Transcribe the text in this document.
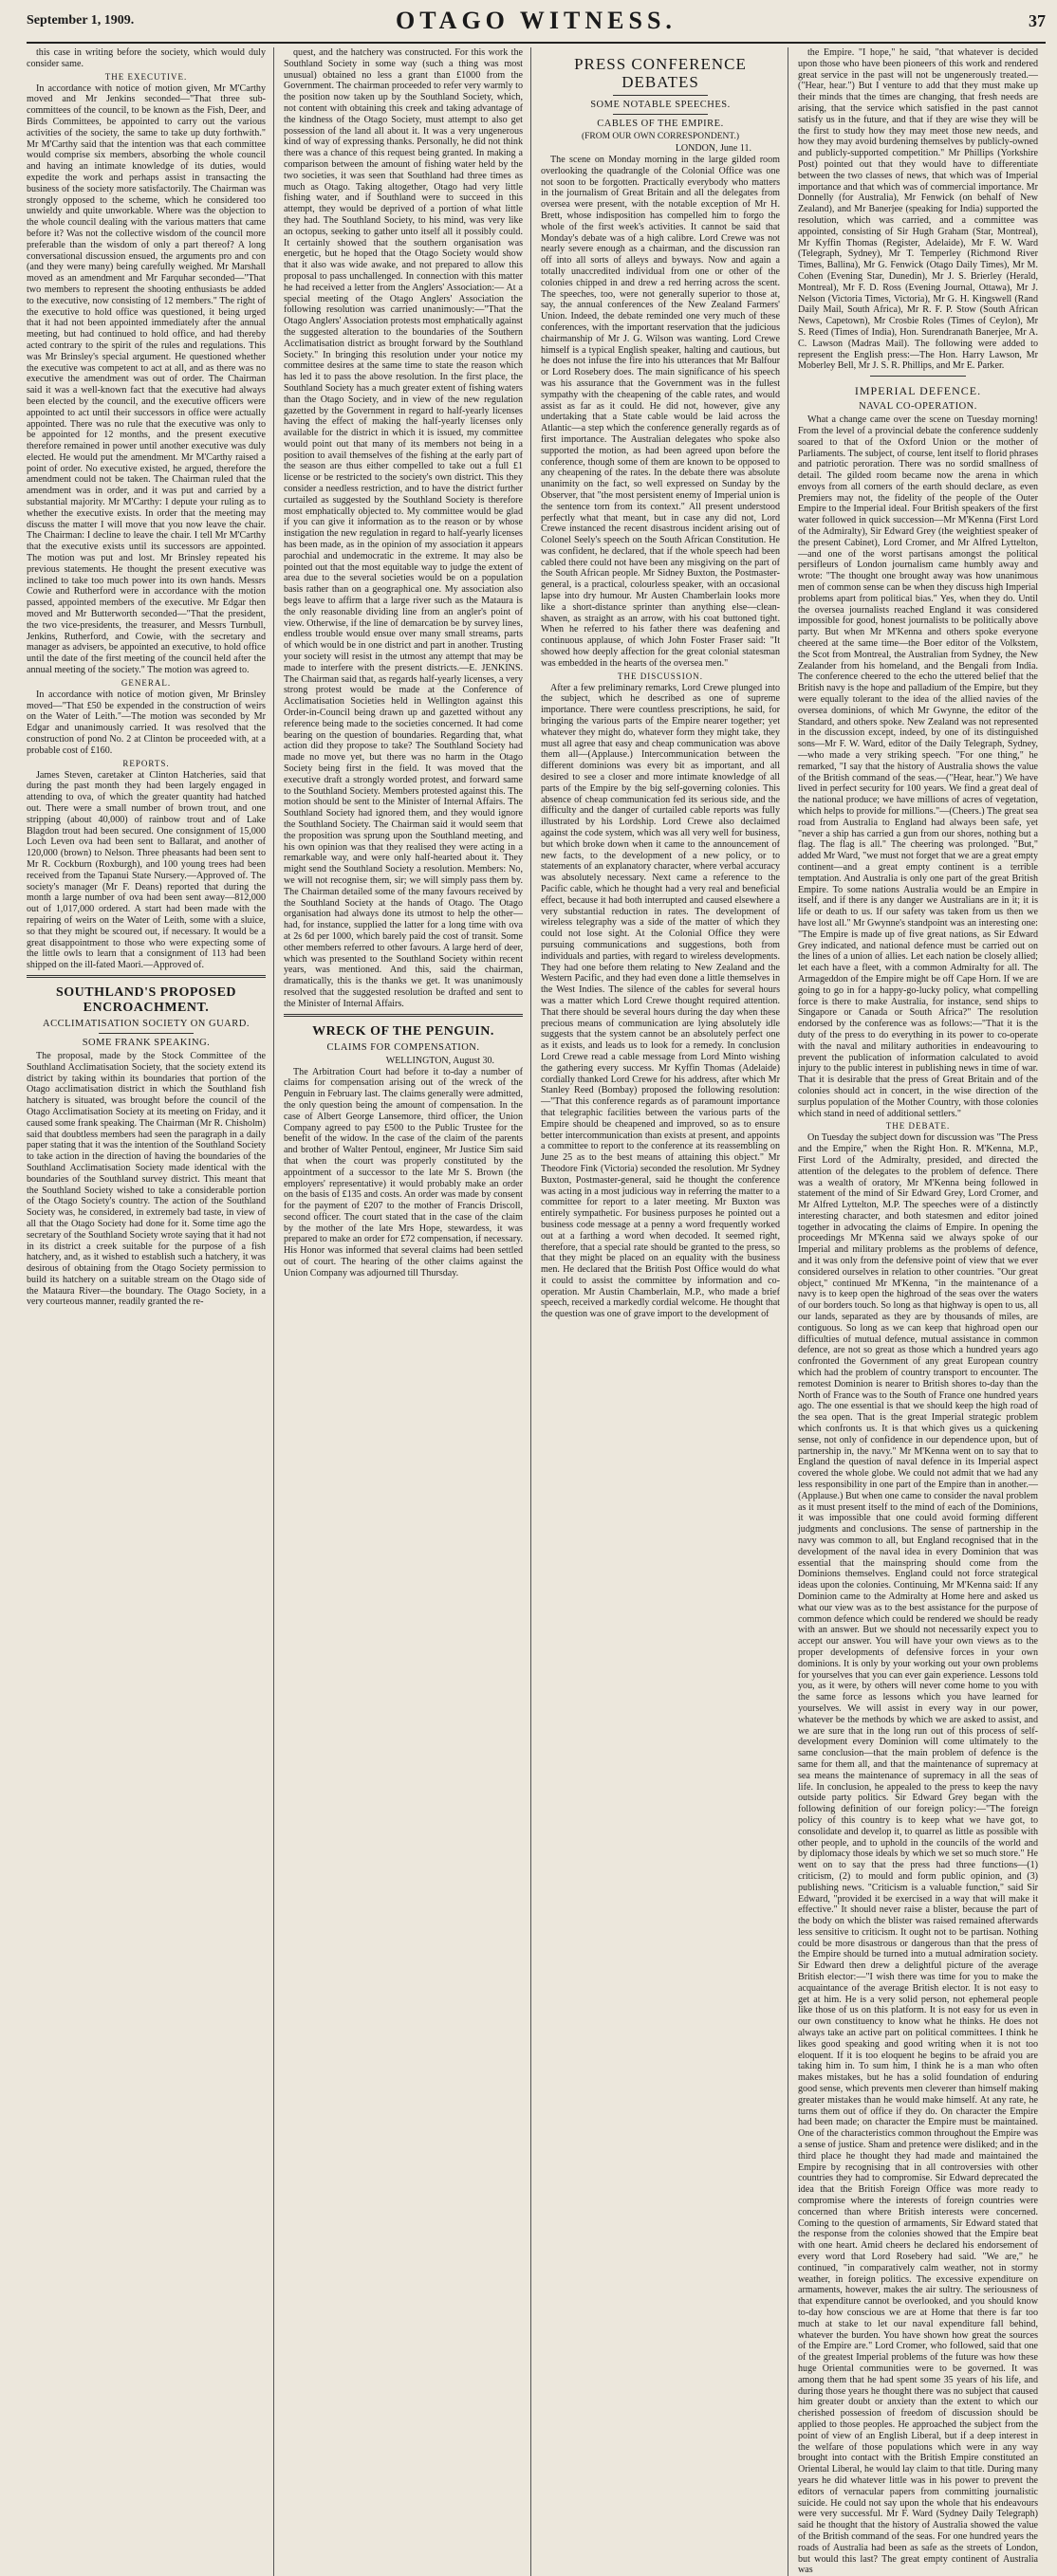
September 1, 1909.	OTAGO WITNESS.	37

this case in writing before the society, which would duly consider same.

THE EXECUTIVE.

In accordance with notice of motion given, Mr M'Carthy moved and Mr Jenkins seconded—"That three sub-committees of the council, to be known as the Fish, Deer, and Birds Committees, be appointed to carry out the various activities of the society, the same to take up duty forthwith." Mr M'Carthy said that the intention was that each committee would comprise six members, absorbing the whole council and having an intimate knowledge of its duties, would expedite the work and perhaps assist in transacting the business of the society more satisfactorily. The Chairman was strongly opposed to the scheme, which he considered too unwieldy and quite unworkable. Where was the objection to the whole council dealing with the various matters that came before it? Was not the collective wisdom of the council more preferable than the wisdom of only a part thereof? A long conversational discussion ensued, the arguments pro and con (and they were many) being carefully weighed. Mr Marshall moved as an amendment and Mr Farquhar seconded—"That two members to represent the shooting enthusiasts be added to the executive, now consisting of 12 members." The right of the executive to hold office was questioned, it being urged that it had not been appointed immediately after the annual meeting, but had continued to hold office, and had thereby acted contrary to the spirit of the rules and regulations. This was Mr Brinsley's special argument. He questioned whether the executive was competent to act at all, and as there was no executive the amendment was out of order. The Chairman said it was a well-known fact that the executive had always been elected by the council, and the executive officers were appointed to act until their successors in office were actually appointed. There was no rule that the executive was only to be appointed for 12 months, and the present executive therefore remained in power until another executive was duly elected. He would put the amendment. Mr M'Carthy raised a point of order. No executive existed, he argued, therefore the amendment could not be taken. The Chairman ruled that the amendment was in order, and it was put and carried by a substantial majority. Mr M'Carthy: I depute your ruling as to whether the executive exists. In order that the meeting may discuss the matter I will move that you now leave the chair. The Chairman: I decline to leave the chair. I tell Mr M'Carthy that the executive exists until its successors are appointed. The motion was put and lost. Mr Brinsley repeated his previous statements. He thought the present executive was inclined to take too much power into its own hands. Messrs Cowie and Rutherford were in accordance with the motion passed, appointed members of the executive. Mr Edgar then moved and Mr Butterworth seconded—"That the president, the two vice-presidents, the treasurer, and Messrs Turnbull, Jenkins, Rutherford, and Cowie, with the secretary and manager as advisers, be appointed an executive, to hold office until the date of the first meeting of the council held after the annual meeting of the society." The motion was agreed to.

GENERAL.

In accordance with notice of motion given, Mr Brinsley moved—"That £50 be expended in the construction of weirs on the Water of Leith."—The motion was seconded by Mr Edgar and unanimously carried. It was resolved that the construction of pond No. 2 at Clinton be proceeded with, at a probable cost of £160.

REPORTS.

James Steven, caretaker at Clinton Hatcheries, said that during the past month they had been largely engaged in attending to ova, of which the greater quantity had hatched out. There were a small number of brown trout, and one stripping (about 40,000) of rainbow trout and of Lake Blagdon trout had been secured. One consignment of 15,000 Loch Leven ova had been sent to Ballarat, and another of 120,000 (brown) to Nelson. Three pheasants had been sent to Mr R. Cockburn (Roxburgh), and 100 young trees had been received from the Tapanui State Nursery.—Approved of. The society's manager (Mr F. Deans) reported that during the month a large number of ova had been sent away—812,000 out of 1,017,000 ordered. A start had been made with the repairing of weirs on the Water of Leith, some with a sluice, so that they might be scoured out, if necessary. It would be a great disappointment to those who were expecting some of the little owls to learn that a consignment of 113 had been shipped on the ill-fated Maori.—Approved of.

SOUTHLAND'S PROPOSED ENCROACHMENT.
ACCLIMATISATION SOCIETY ON GUARD.
SOME FRANK SPEAKING.

The proposal, made by the Stock Committee of the Southland Acclimatisation Society, that the society extend its district by taking within its boundaries that portion of the Otago acclimatisation district in which the Southland fish hatchery is situated, was brought before the council of the Otago Acclimatisation Society at its meeting on Friday, and it caused some frank speaking. The Chairman (Mr R. Chisholm) said that doubtless members had seen the paragraph in a daily paper stating that it was the intention of the Southland Society to take action in the direction of having the boundaries of the Southland Acclimatisation Society made identical with the boundaries of the Southland survey district. This meant that the Southland Society wished to take a considerable portion of the Otago Society's country. The action of the Southland Society was, he considered, in extremely bad taste, in view of all that the Otago Society had done for it. Some time ago the secretary of the Southland Society wrote saying that it had not in its district a creek suitable for the purpose of a fish hatchery, and, as it wished to establish such a hatchery, it was desirous of obtaining from the Otago Society permission to build its hatchery on a suitable stream on the Otago side of the Mataura River—the boundary. The Otago Society, in a very courteous manner, readily granted the re-

quest, and the hatchery was constructed. For this work the Southland Society in some way (such a thing was most unusual) obtained no less a grant than £1000 from the Government. The chairman proceeded to refer very warmly to the position now taken up by the Southland Society, which, not content with obtaining this creek and taking advantage of the kindness of the Otago Society, must attempt to also get possession of the land all about it. It was a very ungenerous kind of way of expressing thanks. Personally, he did not think there was a chance of this request being granted. In making a comparison between the amount of fishing water held by the two societies, it was seen that Southland had three times as much as Otago. Taking altogether, Otago had very little fishing water, and if Southland were to succeed in this attempt, they would be deprived of a portion of what little they had. The Southland Society, to his mind, was very like an octopus, seeking to gather unto itself all it possibly could. It certainly showed that the southern organisation was energetic, but he hoped that the Otago Society would show that it also was wide awake, and not prepared to allow this proposal to pass unchallenged. In connection with this matter he had received a letter from the Anglers' Association:— At a special meeting of the Otago Anglers' Association the following resolution was carried unanimously:—"That the Otago Anglers' Association protests most emphatically against the suggested alteration to the boundaries of the Southern Acclimatisation district as brought forward by the Southland Society." In bringing this resolution under your notice my committee desires at the same time to state the reason which has led it to pass the above resolution. In the first place, the Southland Society has a much greater extent of fishing waters than the Otago Society, and in view of the new regulation gazetted by the Government in regard to half-yearly licenses having the effect of making the half-yearly licenses only available for the district in which it is issued, my committee would point out that many of its members not being in a position to avail themselves of the fishing at the early part of the season are thus either compelled to take out a full £1 license or be restricted to the society's own district. This they consider a needless restriction, and to have the district further curtailed as suggested by the Southland Society is therefore most emphatically objected to. My committee would be glad if you can give it information as to the reason or by whose instigation the new regulation in regard to half-yearly licenses has been made, as in the opinion of my association it appears parochial and undemocratic in the extreme. It may also be pointed out that the most equitable way to judge the extent of area due to the several societies would be on a population basis rather than on a geographical one. My association also begs leave to affirm that a large river such as the Mataura is the only reasonable dividing line from an angler's point of view. Otherwise, if the line of demarcation be by survey lines, endless trouble would ensue over many small streams, parts of which would be in one district and part in another. Trusting your society will resist in the utmost any attempt that may be made to interfere with the present districts.—E. JENKINS. The Chairman said that, as regards half-yearly licenses, a very strong protest would be made at the Conference of Acclimatisation Societies held in Wellington against this Order-in-Council being drawn up and gazetted without any reference being made to the societies concerned. It had come bearing on the question of boundaries. Regarding that, what action did they propose to take? The Southland Society had made no move yet, but there was no harm in the Otago Society being first in the field. It was moved that the executive draft a strongly worded protest, and forward same to the Southland Society. Members protested against this. The motion should be sent to the Minister of Internal Affairs. The Southland Society had ignored them, and they would ignore the Southland Society. The Chairman said it would seem that the proposition was sprung upon the Southland meeting, and his own opinion was that they realised they were acting in a remarkable way, and were only half-hearted about it. They might send the Southland Society a resolution. Members: No, we will not recognise them, sir; we will simply pass them by. The Chairman detailed some of the many favours received by the Southland Society at the hands of Otago. The Otago organisation had always done its utmost to help the other—had, for instance, supplied the latter for a long time with ova at 2s 6d per 1000, which barely paid the cost of transit. Some other members referred to other favours. A large herd of deer, which was presented to the Southland Society within recent years, was mentioned. And this, said the chairman, dramatically, this is the thanks we get. It was unanimously resolved that the suggested resolution be drafted and sent to the Minister of Internal Affairs.

WRECK OF THE PENGUIN.
CLAIMS FOR COMPENSATION.
WELLINGTON, August 30.

The Arbitration Court had before it to-day a number of claims for compensation arising out of the wreck of the Penguin in February last. The claims generally were admitted, the only question being the amount of compensation. In the case of Albert George Lansemore, third officer, the Union Company agreed to pay £500 to the Public Trustee for the benefit of the widow. In the case of the claim of the parents and brother of Walter Pentoul, engineer, Mr Justice Sim said that when the court was properly constituted by the appointment of a successor to the late Mr S. Brown (the employers' representative) it would probably make an order on the basis of £135 and costs. An order was made by consent for the payment of £207 to the mother of Francis Driscoll, second officer. The court stated that in the case of the claim by the mother of the late Mrs Hope, stewardess, it was prepared to make an order for £72 compensation, if necessary. His Honor was informed that several claims had been settled out of court. The hearing of the other claims against the Union Company was adjourned till Thursday.

PRESS CONFERENCE DEBATES
SOME NOTABLE SPEECHES.
CABLES OF THE EMPIRE.
(FROM OUR OWN CORRESPONDENT.)
LONDON, June 11.

The scene on Monday morning in the large gilded room overlooking the quadrangle of the Colonial Office was one not soon to be forgotten. Practically everybody who matters in the journalism of Great Britain and all the delegates from oversea were present, with the notable exception of Mr H. Brett, whose indisposition has compelled him to forgo the whole of the first week's activities. It cannot be said that Monday's debate was of a high calibre. Lord Crewe was not nearly severe enough as a chairman, and the discussion ran off into all sorts of alleys and byways. Now and again a totally unaccredited individual from one or other of the colonies chipped in and drew a red herring across the scent. The speeches, too, were not generally superior to those at, say, the annual conferences of the New Zealand Farmers' Union. Indeed, the debate reminded one very much of these conferences, with the important reservation that the judicious chairmanship of Mr J. G. Wilson was wanting. Lord Crewe himself is a typical English speaker, halting and cautious, but he does not infuse the fire into his utterances that Mr Balfour or Lord Rosebery does. The main significance of his speech was his assurance that the Government was in the fullest sympathy with the cheapening of the cable rates, and would assist as far as it could. He did not, however, give any undertaking that a State cable would be laid across the Atlantic—a step which the conference generally regards as of first importance. The Australian delegates who spoke also supported the motion, as had been agreed upon before the conference, though some of them are known to be opposed to any cheapening of the rates. In the debate there was absolute unanimity on the fact, so well expressed on Sunday by the Observer, that "the most persistent enemy of Imperial union is the sentence torn from its context." All present understood perfectly what that meant, but in case any did not, Lord Crewe instanced the recent disastrous incident arising out of Colonel Seely's speech on the South African Constitution. He was confident, he declared, that if the whole speech had been cabled there could not have been any misgiving on the part of the South African people. Mr Sidney Buxton, the Postmaster-general, is a practical, colourless speaker, with an occasional lapse into dry humour. Mr Austen Chamberlain looks more like a short-distance sprinter than anything else—clean-shaven, as straight as an arrow, with his coat buttoned tight. When he referred to his father there was deafening and continuous applause, of which John Foster Fraser said: "It showed how deeply affection for the great colonial statesman was embedded in the hearts of the oversea men."

THE DISCUSSION.

After a few preliminary remarks, Lord Crewe plunged into the subject, which he described as one of supreme importance. There were countless prescriptions, he said, for bringing the various parts of the Empire nearer together; yet whatever they might do, whatever form they might take, they must all agree that easy and cheap communication was above them all—(Applause.) Intercommunication between the different dominions was every bit as important, and all desired to see a closer and more intimate knowledge of all parts of the Empire by the big self-governing colonies. This absence of cheap communication fed its serious side, and the difficulty and the danger of curtailed cable reports was fully illustrated by his Lordship. Lord Crewe also declaimed against the code system, which was all very well for business, but which broke down when it came to the announcement of new facts, to the development of a new policy, or to statements of an explanatory character, where verbal accuracy was absolutely necessary. Next came a reference to the Pacific cable, which he thought had a very real and beneficial effect, because it had both interrupted and caused elsewhere a very substantial reduction in rates. The development of wireless telegraphy was a side of the matter of which they could not lose sight. At the Colonial Office they were pursuing communications and suggestions, both from individuals and parties, with regard to wireless developments. They had one before them relating to New Zealand and the Western Pacific, and they had even done a little themselves in the West Indies. The silence of the cables for several hours was a matter which Lord Crewe thought required attention. That there should be several hours during the day when these precious means of communication are lying absolutely idle suggests that the system cannot be an absolutely perfect one as it exists, and leads us to look for a remedy. In conclusion Lord Crewe read a cable message from Lord Minto wishing the gathering every success. Mr Kyffin Thomas (Adelaide) cordially thanked Lord Crewe for his address, after which Mr Stanley Reed (Bombay) proposed the following resolution:—"That this conference regards as of paramount importance that telegraphic facilities between the various parts of the Empire should be cheapened and improved, so as to ensure better intercommunication than exists at present, and appoints a committee to report to the conference at its reassembling on June 25 as to the best means of attaining this object." Mr Theodore Fink (Victoria) seconded the resolution. Mr Sydney Buxton, Postmaster-general, said he thought the conference was acting in a most judicious way in referring the matter to a committee for report to a later meeting. Mr Buxton was entirely sympathetic. For business purposes he pointed out a business code message at a penny a word frequently worked out at a farthing a word when decoded. It seemed right, therefore, that a special rate should be granted to the press, so that they might be placed on an equality with the business men. He declared that the British Post Office would do what it could to assist the committee by information and co-operation. Mr Austin Chamberlain, M.P., who made a brief speech, received a markedly cordial welcome. He thought that the question was one of grave import to the development of

the Empire. "I hope," he said, "that whatever is decided upon those who have been pioneers of this work and rendered great service in the past will not be ungenerously treated.—("Hear, hear.") But I venture to add that they must make up their minds that the times are changing, that fresh needs are arising, that the service which satisfied in the past cannot satisfy us in the future, and that if they are wise they will be the first to study how they may meet those new needs, and how they may avoid burdening themselves by publicly-owned and publicly-supported competition." Mr Phillips (Yorkshire Post) pointed out that they would have to differentiate between the two classes of news, that which was of Imperial importance and that which was of commercial importance. Mr Donnelly (for Australia), Mr Fenwick (on behalf of New Zealand), and Mr Banerjee (speaking for India) supported the resolution, which was carried, and a committee was appointed, consisting of Sir Hugh Graham (Star, Montreal), Mr Kyffin Thomas (Register, Adelaide), Mr F. W. Ward (Telegraph, Sydney), Mr T. Temperley (Richmond River Times, Ballina), Mr G. Fenwick (Otago Daily Times), Mr M. Cohen (Evening Star, Dunedin), Mr J. S. Brierley (Herald, Montreal), Mr F. D. Ross (Evening Journal, Ottawa), Mr J. Nelson (Victoria Times, Victoria), Mr G. H. Kingswell (Rand Daily Mail, South Africa), Mr R. F. P. Stow (South African News, Capetown), Mr Crosbie Roles (Times of Ceylon), Mr S. Reed (Times of India), Hon. Surendranath Banerjee, Mr A. C. Lawson (Madras Mail). The following were added to represent the English press:—The Hon. Harry Lawson, Mr Moberley Bell, Mr J. S. R. Phillips, and Mr E. Parker.

IMPERIAL DEFENCE.
NAVAL CO-OPERATION.

What a change came over the scene on Tuesday morning! From the level of a provincial debate the conference suddenly soared to that of the Oxford Union or the mother of Parliaments. The subject, of course, lent itself to florid phrases and patriotic peroration. There was no sordid smallness of detail. The gilded room became now the arena in which envoys from all corners of the earth should declare, as even Premiers may not, the fidelity of the people of the Outer Empire to the Imperial ideal. Four British speakers of the first water followed in quick succession—Mr M'Kenna (First Lord of the Admiralty), Sir Edward Grey (the weightiest speaker of the present Cabinet), Lord Cromer, and Mr Alfred Lyttelton,—and one of the worst partisans amongst the political persifleurs of London journalism came humbly away and wrote: "The thought one brought away was how unanimous men of common sense can be when they discuss high Imperial problems apart from political bias." Yes, when they do. Until the oversea journalists reached England it was considered impossible for good, honest journalists to be politically above party. But when Mr M'Kenna and others spoke everyone cheered at the same time—the Boer editor of the Volkstem, the Scot from Montreal, the Australian from Sydney, the New Zealander from his homeland, and the Bengali from India. The conference cheered to the echo the uttered belief that the British navy is the hope and palladium of the Empire, but they were equally tolerant to the idea of the allied navies of the oversea dominions, of which Mr Gwynne, the editor of the Standard, and others spoke. New Zealand was not represented in the discussion except, indeed, by one of its distinguished sons—Mr F. W. Ward, editor of the Daily Telegraph, Sydney,—who made a very striking speech. "For one thing," he remarked, "I say that the history of Australia shows the value of the British command of the seas.—("Hear, hear.") We have lived in perfect security for 100 years. We find a great deal of the national produce; we have millions of acres of vegetation, which helps to provide for millions."—(Cheers.) The great sea road from Australia to England had always been safe, yet "never a ship has carried a gun from our shores, nothing but a flag. The flag is all." The cheering was prolonged. "But," added Mr Ward, "we must not forget that we are a great empty continent—and a great empty continent is a terrible temptation. And Australia is only one part of the great British Empire. To some nations Australia would be an Empire in itself, and if there is any danger we Australians are in it; it is life or death to us. If our safety was taken from us then we have lost all." Mr Gwynne's standpoint was an interesting one: "The Empire is made up of five great nations, as Sir Edward Grey indicated, and national defence must be carried out on the lines of a union of allies. Let each nation be closely allied; let each have a fleet, with a common Admiralty for all. The Armageddon of the Empire might be off Cape Horn. If we are going to go in for a happy-go-lucky policy, what compelling force is there to make Australia, for instance, send ships to Singapore or Canada or South Africa?" The resolution endorsed by the conference was as follows:—"That it is the duty of the press to do everything in its power to co-operate with the naval and military authorities in endeavouring to prevent the publication of information calculated to avoid injury to the public interest in publishing news in time of war. That it is desirable that the press of Great Britain and of the colonies should act in concert, in the wise direction of the surplus population of the Mother Country, with those colonies which stand in need of additional settlers."

THE DEBATE.

On Tuesday the subject down for discussion was "The Press and the Empire," when the Right Hon. R. M'Kenna, M.P., First Lord of the Admiralty, presided, and directed the attention of the delegates to the problem of defence. There was a wealth of oratory, Mr M'Kenna being followed in statement of the mind of Sir Edward Grey, Lord Cromer, and Mr Alfred Lyttelton, M.P. The speeches were of a distinctly interesting character, and both statesmen and editor joined together in advocating the claims of Empire. In opening the proceedings Mr M'Kenna said we always spoke of our Imperial and military problems as the problems of defence, and it was only from the defensive point of view that we ever considered ourselves in relation to other countries. "Our great object," continued Mr M'Kenna, "in the maintenance of a navy is to keep open the highroad of the seas over the waters of our borders touch. So long as that highway is open to us, all our lands, separated as they are by thousands of miles, are contiguous. So long as we can keep that highroad open our difficulties of mutual defence, mutual assistance in common defence, are not so great as those which a hundred years ago confronted the Government of any great European country which had the problem of country transport to encounter. The remotest Dominion is nearer to British shores to-day than the North of France was to the South of France one hundred years ago. The one essential is that we should keep the high road of the sea open. That is the great Imperial strategic problem which confronts us. It is that which gives us a quickening sense, not only of confidence in our dependence upon, but of partnership in, the navy." Mr M'Kenna went on to say that to England the question of naval defence in its Imperial aspect covered the whole globe. We could not admit that we had any less responsibility in one part of the Empire than in another.—(Applause.) But when one came to consider the naval problem as it must present itself to the mind of each of the Dominions, it was impossible that one could avoid forming different judgments and conclusions. The sense of partnership in the navy was common to all, but England recognised that in the development of the naval idea in every Dominion that was essential that the mainspring should come from the Dominions themselves. England could not force strategical ideas upon the colonies. Continuing, Mr M'Kenna said: If any Dominion came to the Admiralty at Home here and asked us what our view was as to the best assistance for the purpose of common defence which could be rendered we should be ready with an answer. But we should not necessarily expect you to accept our answer. You will have your own views as to the proper developments of defensive forces in your own dominions. It is only by your working out your own problems for yourselves that you can ever gain experience. Lessons told you, as it were, by others will never come home to you with the same force as lessons which you have learned for yourselves. We will assist in every way in our power, whatever be the methods by which we are asked to assist, and we are sure that in the long run out of this process of self-development every Dominion will come ultimately to the same conclusion—that the main problem of defence is the same for them all, and that the maintenance of supremacy at sea means the maintenance of supremacy in all the seas of life. In conclusion, he appealed to the press to keep the navy outside party politics. Sir Edward Grey began with the following definition of our foreign policy:—"The foreign policy of this country is to keep what we have got, to consolidate and develop it, to quarrel as little as possible with other people, and to uphold in the councils of the world and by diplomacy those ideals by which we set so much store." He went on to say that the press had three functions—(1) criticism, (2) to mould and form public opinion, and (3) publishing news. "Criticism is a valuable function," said Sir Edward, "provided it be exercised in a way that will make it effective." It should never raise a blister, because the part of the body on which the blister was raised remained afterwards less sensitive to criticism. It ought not to be partisan. Nothing could be more disastrous or dangerous than that the press of the Empire should be turned into a mutual admiration society. Sir Edward then drew a delightful picture of the average British elector:—"I wish there was time for you to make the acquaintance of the average British elector. It is not easy to get at him. He is a very solid person, not ephemeral people like those of us on this platform. It is not easy for us even in our own constituency to know what he thinks. He does not always take an active part on political committees. I think he likes good speaking and good writing when it is not too eloquent. If it is too eloquent he begins to be afraid you are taking him in. To sum him, I think he is a man who often makes mistakes, but he has a solid foundation of enduring good sense, which prevents men cleverer than himself making greater mistakes than he would make himself. At any rate, he turns them out of office if they do. On character the Empire had been made; on character the Empire must be maintained. One of the characteristics common throughout the Empire was a sense of justice. Sham and pretence were disliked; and in the third place he thought they had made and maintained the Empire by recognising that in all controversies with other countries they had to compromise. Sir Edward deprecated the idea that the British Foreign Office was more ready to compromise where the interests of foreign countries were concerned than where British interests were concerned. Coming to the question of armaments, Sir Edward stated that the response from the colonies showed that the Empire beat with one heart. Amid cheers he declared his endorsement of every word that Lord Rosebery had said. "We are," he continued, "in comparatively calm weather, not in stormy weather, in foreign politics. The excessive expenditure on armaments, however, makes the air sultry. The seriousness of that expenditure cannot be overlooked, and you should know to-day how conscious we are at Home that there is far too much at stake to let our naval expenditure fall behind, whatever the burden. You have shown how great the sources of the Empire are." Lord Cromer, who followed, said that one of the greatest Imperial problems of the future was how these huge Oriental communities were to be governed. It was among them that he had spent some 35 years of his life, and during those years he thought there was no subject that caused him greater doubt or anxiety than the extent to which our cherished possession of freedom of discussion should be applied to those peoples. He approached the subject from the point of view of an English Liberal, but if a deep interest in the welfare of those populations which were in any way brought into contact with the British Empire constituted an Oriental Liberal, he would lay claim to that title. During many years he did whatever little was in his power to prevent the editors of vernacular papers from committing journalistic suicide. He could not say upon the whole that his endeavours were very successful. Mr F. Ward (Sydney Daily Telegraph) said he thought that the history of Australia showed the value of the British command of the seas. For one hundred years the roads of Australia had been as safe as the streets of London, but would this last? The great empty continent of Australia was
